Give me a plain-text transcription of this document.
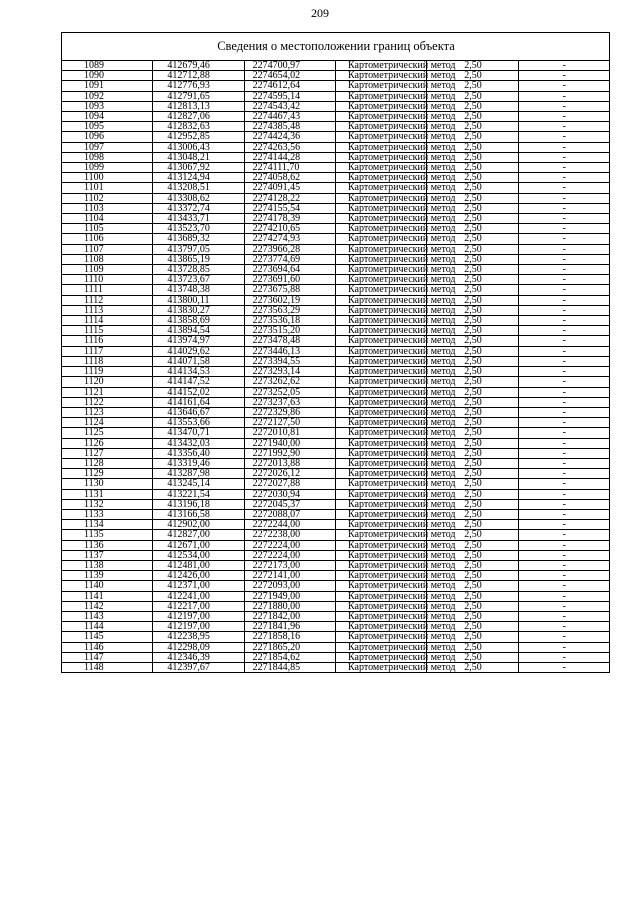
209
Сведения о местоположении границ объекта					
1089	412679,46	2274700,97	Картометрический метод	2,50	-
1090	412712,88	2274654,02	Картометрический метод	2,50	-
1091	412776,93	2274612,64	Картометрический метод	2,50	-
1092	412791,65	2274595,14	Картометрический метод	2,50	-
1093	412813,13	2274543,42	Картометрический метод	2,50	-
1094	412827,06	2274467,43	Картометрический метод	2,50	-
1095	412832,63	2274385,48	Картометрический метод	2,50	-
1096	412952,85	2274424,36	Картометрический метод	2,50	-
1097	413006,43	2274263,56	Картометрический метод	2,50	-
1098	413048,21	2274144,28	Картометрический метод	2,50	-
1099	413067,92	2274111,70	Картометрический метод	2,50	-
1100	413124,94	2274058,62	Картометрический метод	2,50	-
1101	413208,51	2274091,45	Картометрический метод	2,50	-
1102	413308,62	2274128,22	Картометрический метод	2,50	-
1103	413372,74	2274155,54	Картометрический метод	2,50	-
1104	413433,71	2274178,39	Картометрический метод	2,50	-
1105	413523,70	2274210,65	Картометрический метод	2,50	-
1106	413689,32	2274274,93	Картометрический метод	2,50	-
1107	413797,05	2273966,28	Картометрический метод	2,50	-
1108	413865,19	2273774,69	Картометрический метод	2,50	-
1109	413728,85	2273694,64	Картометрический метод	2,50	-
1110	413723,67	2273691,60	Картометрический метод	2,50	-
1111	413748,38	2273675,88	Картометрический метод	2,50	-
1112	413800,11	2273602,19	Картометрический метод	2,50	-
1113	413830,27	2273563,29	Картометрический метод	2,50	-
1114	413858,69	2273536,18	Картометрический метод	2,50	-
1115	413894,54	2273515,20	Картометрический метод	2,50	-
1116	413974,97	2273478,48	Картометрический метод	2,50	-
1117	414029,62	2273446,13	Картометрический метод	2,50	-
1118	414071,58	2273394,55	Картометрический метод	2,50	-
1119	414134,53	2273293,14	Картометрический метод	2,50	-
1120	414147,52	2273262,62	Картометрический метод	2,50	-
1121	414152,02	2273252,05	Картометрический метод	2,50	-
1122	414161,64	2273237,63	Картометрический метод	2,50	-
1123	413646,67	2272329,86	Картометрический метод	2,50	-
1124	413553,66	2272127,50	Картометрический метод	2,50	-
1125	413470,71	2272010,81	Картометрический метод	2,50	-
1126	413432,03	2271940,00	Картометрический метод	2,50	-
1127	413356,40	2271992,90	Картометрический метод	2,50	-
1128	413319,46	2272013,88	Картометрический метод	2,50	-
1129	413287,98	2272026,12	Картометрический метод	2,50	-
1130	413245,14	2272027,88	Картометрический метод	2,50	-
1131	413221,54	2272030,94	Картометрический метод	2,50	-
1132	413196,18	2272045,37	Картометрический метод	2,50	-
1133	413166,58	2272088,07	Картометрический метод	2,50	-
1134	412902,00	2272244,00	Картометрический метод	2,50	-
1135	412827,00	2272238,00	Картометрический метод	2,50	-
1136	412671,00	2272224,00	Картометрический метод	2,50	-
1137	412534,00	2272224,00	Картометрический метод	2,50	-
1138	412481,00	2272173,00	Картометрический метод	2,50	-
1139	412426,00	2272141,00	Картометрический метод	2,50	-
1140	412371,00	2272093,00	Картометрический метод	2,50	-
1141	412241,00	2271949,00	Картометрический метод	2,50	-
1142	412217,00	2271880,00	Картометрический метод	2,50	-
1143	412197,00	2271842,00	Картометрический метод	2,50	-
1144	412197,00	2271841,96	Картометрический метод	2,50	-
1145	412238,95	2271858,16	Картометрический метод	2,50	-
1146	412298,09	2271865,20	Картометрический метод	2,50	-
1147	412346,39	2271854,62	Картометрический метод	2,50	-
1148	412397,67	2271844,85	Картометрический метод	2,50	-
